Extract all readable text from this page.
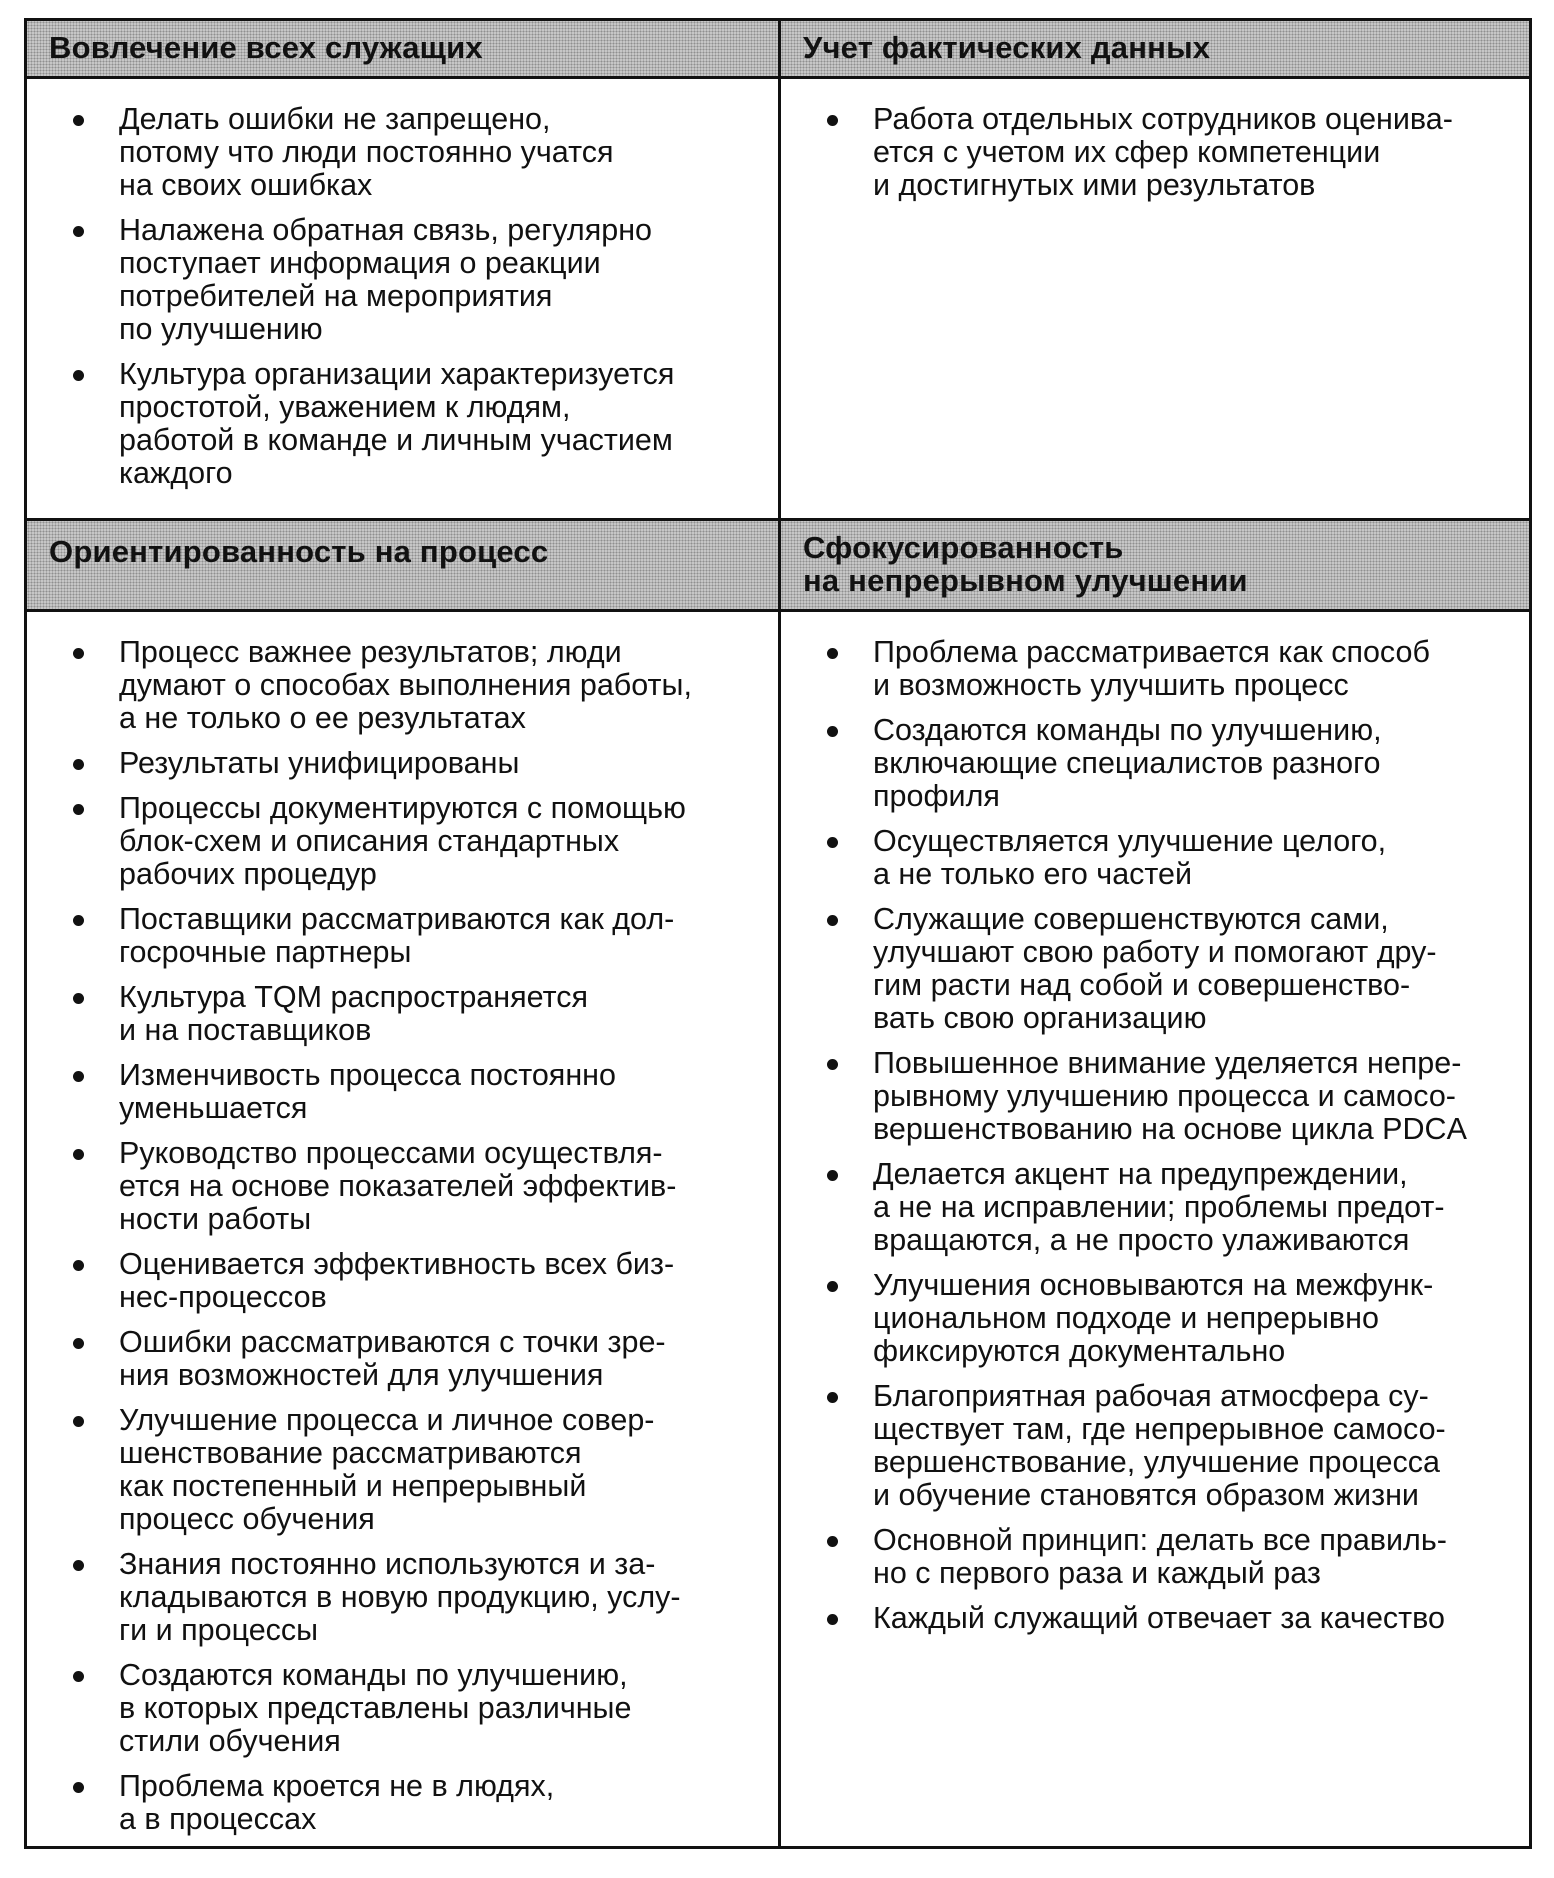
Вовлечение всех служащих	Учет фактических данных
Делать ошибки не запрещено,
потому что люди постоянно учатся
на своих ошибках
Налажена обратная связь, регулярно
поступает информация о реакции
потребителей на мероприятия
по улучшению
Культура организации характеризуется
простотой, уважением к людям,
работой в команде и личным участием
каждого
Работа отдельных сотрудников оценива-
ется с учетом их сфер компетенции
и достигнутых ими результатов
Ориентированность на процесс	Сфокусированность
на непрерывном улучшении
Процесс важнее результатов; люди
думают о способах выполнения работы,
а не только о ее результатах
Результаты унифицированы
Процессы документируются с помощью
блок-схем и описания стандартных
рабочих процедур
Поставщики рассматриваются как дол-
госрочные партнеры
Культура TQM распространяется
и на поставщиков
Изменчивость процесса постоянно
уменьшается
Руководство процессами осуществля-
ется на основе показателей эффектив-
ности работы
Оценивается эффективность всех биз-
нес-процессов
Ошибки рассматриваются с точки зре-
ния возможностей для улучшения
Улучшение процесса и личное совер-
шенствование рассматриваются
как постепенный и непрерывный
процесс обучения
Знания постоянно используются и за-
кладываются в новую продукцию, услу-
ги и процессы
Создаются команды по улучшению,
в которых представлены различные
стили обучения
Проблема кроется не в людях,
а в процессах
Проблема рассматривается как способ
и возможность улучшить процесс
Создаются команды по улучшению,
включающие специалистов разного
профиля
Осуществляется улучшение целого,
а не только его частей
Служащие совершенствуются сами,
улучшают свою работу и помогают дру-
гим расти над собой и совершенство-
вать свою организацию
Повышенное внимание уделяется непре-
рывному улучшению процесса и самосо-
вершенствованию на основе цикла PDCA
Делается акцент на предупреждении,
а не на исправлении; проблемы предот-
вращаются, а не просто улаживаются
Улучшения основываются на межфунк-
циональном подходе и непрерывно
фиксируются документально
Благоприятная рабочая атмосфера су-
ществует там, где непрерывное самосо-
вершенствование, улучшение процесса
и обучение становятся образом жизни
Основной принцип: делать все правиль-
но с первого раза и каждый раз
Каждый служащий отвечает за качество
